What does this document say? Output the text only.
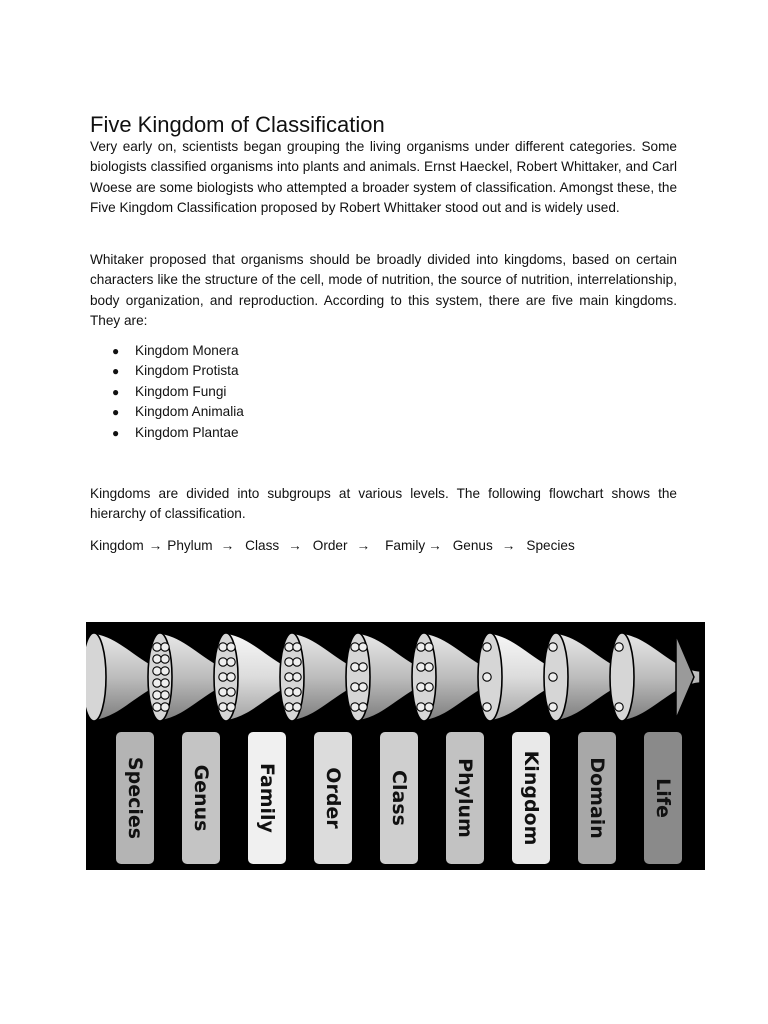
Five Kingdom of Classification

Very early on, scientists began grouping the living organisms under different categories. Some biologists classified organisms into plants and animals. Ernst Haeckel, Robert Whittaker, and Carl Woese are some biologists who attempted a broader system of classification. Amongst these, the Five Kingdom Classification proposed by Robert Whittaker stood out and is widely used.

Whitaker proposed that organisms should be broadly divided into kingdoms, based on certain characters like the structure of the cell, mode of nutrition, the source of nutrition, interrelationship, body organization, and reproduction. According to this system, there are five main kingdoms. They are:

● Kingdom Monera
● Kingdom Protista
● Kingdom Fungi
● Kingdom Animalia
● Kingdom Plantae

Kingdoms are divided into subgroups at various levels. The following flowchart shows the hierarchy of classification.

Kingdom → Phylum → Class → Order → Family → Genus → Species
Species Genus Family Order Class Phylum Kingdom Domain Life
